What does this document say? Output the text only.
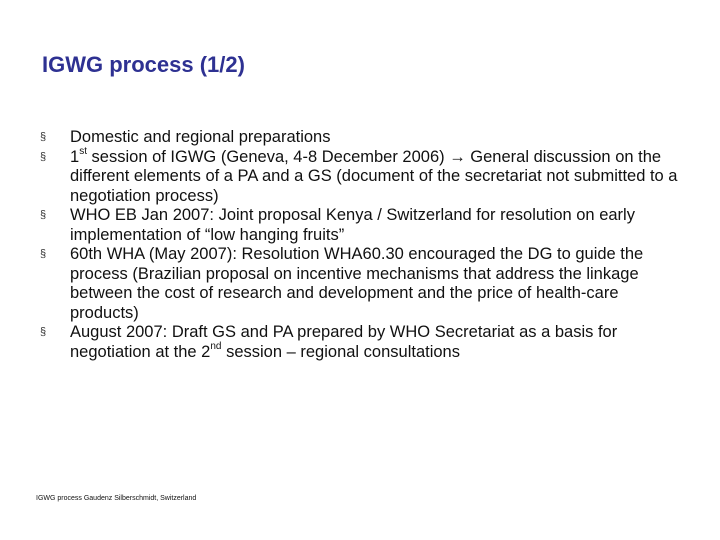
IGWG process (1/2)
§ Domestic and regional preparations
§ 1st session of IGWG (Geneva, 4-8 December 2006) → General discussion on the different elements of a PA and a GS (document of the secretariat not submitted to a negotiation process)
§ WHO EB Jan 2007: Joint proposal Kenya / Switzerland for resolution on early implementation of “low hanging fruits”
§ 60th WHA (May 2007): Resolution WHA60.30 encouraged the DG to guide the process (Brazilian proposal on incentive mechanisms that address the linkage between the cost of research and development and the price of health-care products)
§ August 2007: Draft GS and PA prepared by WHO Secretariat as a basis for negotiation at the 2nd session – regional consultations
IGWG process Gaudenz Silberschmidt, Switzerland
